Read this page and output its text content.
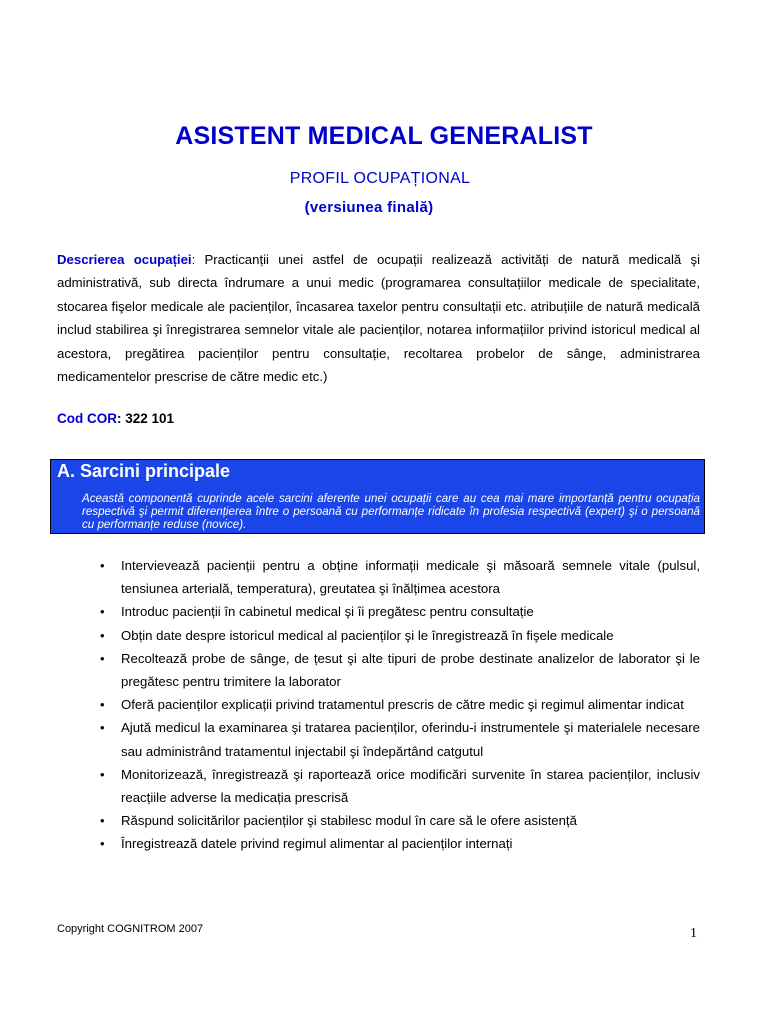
ASISTENT MEDICAL GENERALIST
PROFIL OCUPAȚIONAL
(versiunea finală)
Descrierea ocupației: Practicanții unei astfel de ocupații realizează activități de natură medicală şi administrativă, sub directa îndrumare a unui medic (programarea consultațiilor medicale de specialitate, stocarea fişelor medicale ale pacienților, încasarea taxelor pentru consultații etc. atribuțiile de natură medicală includ stabilirea şi înregistrarea semnelor vitale ale pacienților, notarea informațiilor privind istoricul medical al acestora, pregătirea pacienților pentru consultație, recoltarea probelor de sânge, administrarea medicamentelor prescrise de către medic etc.)
Cod COR: 322 101
A. Sarcini principale
Această componentă cuprinde acele sarcini aferente unei ocupații care au cea mai mare importanță pentru ocupația respectivă şi permit diferențierea între o persoană cu performanțe ridicate în profesia respectivă (expert) şi o persoană cu performanțe reduse (novice).
• Intervievează pacienții pentru a obține informații medicale şi măsoară semnele vitale (pulsul, tensiunea arterială, temperatura), greutatea şi înălțimea acestora
• Introduc pacienții în cabinetul medical şi îi pregătesc pentru consultație
• Obțin date despre istoricul medical al pacienților şi le înregistrează în fişele medicale
• Recoltează probe de sânge, de țesut şi alte tipuri de probe destinate analizelor de laborator şi le pregătesc pentru trimitere la laborator
• Oferă pacienților explicații privind tratamentul prescris de către medic şi regimul alimentar indicat
• Ajută medicul la examinarea şi tratarea pacienților, oferindu-i instrumentele şi materialele necesare sau administrând tratamentul injectabil şi îndepărtând catgutul
• Monitorizează, înregistrează şi raportează orice modificări survenite în starea pacienților, inclusiv reacțiile adverse la medicația prescrisă
• Răspund solicitărilor pacienților şi stabilesc modul în care să le ofere asistență
• Înregistrează datele privind regimul alimentar al pacienților internați
Copyright COGNITROM 2007	1
